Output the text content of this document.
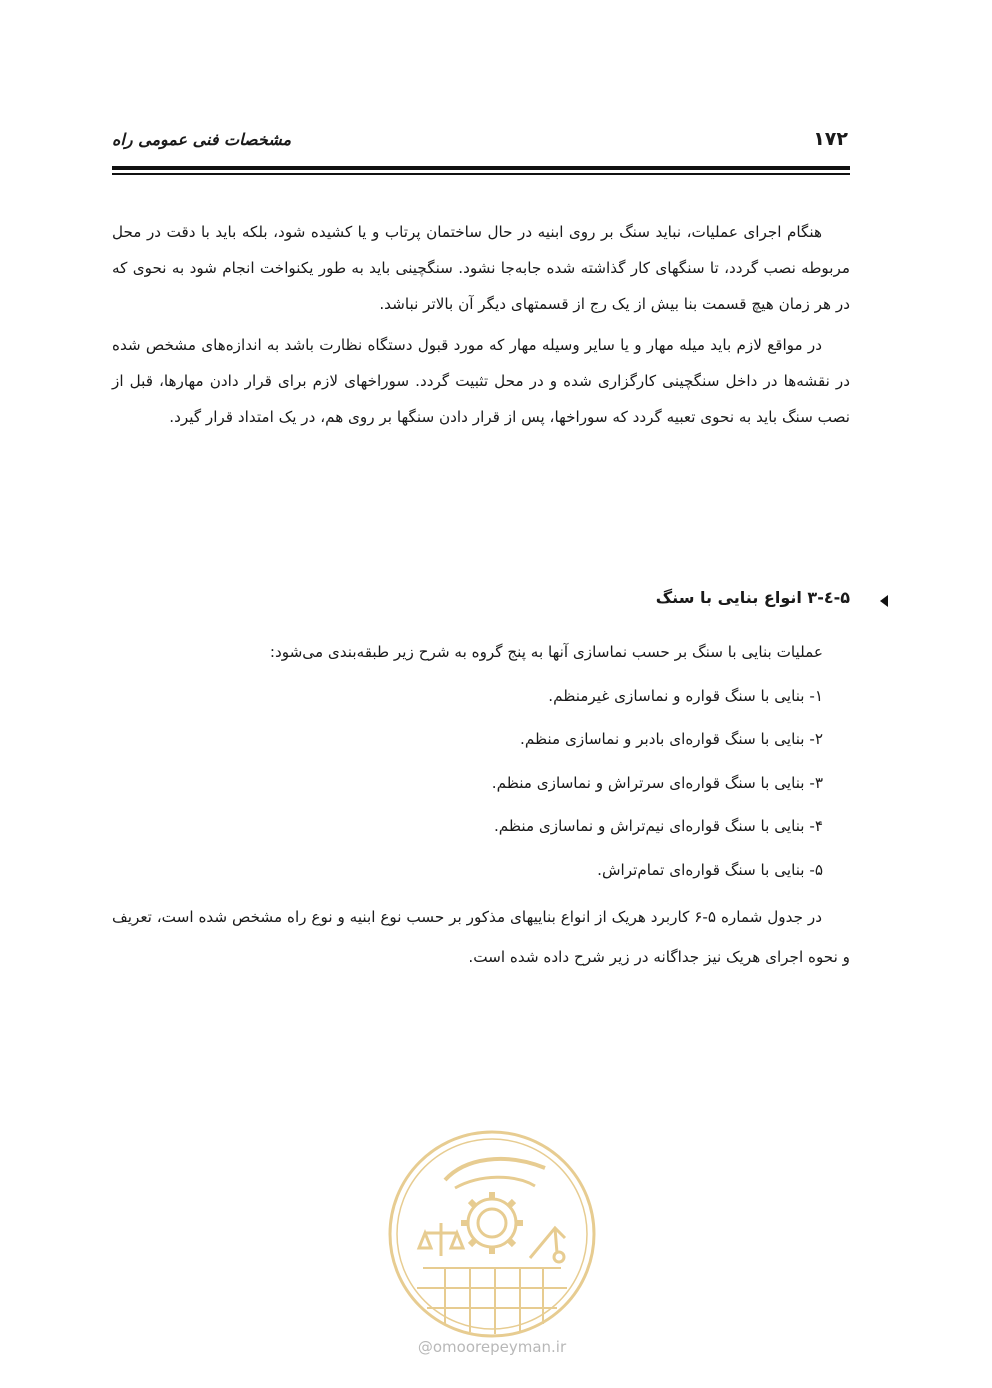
۱۷۲
مشخصات فنی عمومی راه

هنگام اجرای عملیات، نباید سنگ بر روی ابنیه در حال ساختمان پرتاب و یا کشیده شود، بلکه باید با دقت در محل مربوطه نصب گردد، تا سنگهای کار گذاشته شده جابه‌جا نشود. سنگچینی باید به طور یکنواخت انجام شود به نحوی که در هر زمان هیچ قسمت بنا بیش از یک رج از قسمتهای دیگر آن بالاتر نباشد.

در مواقع لازم باید میله مهار و یا سایر وسیله مهار که مورد قبول دستگاه نظارت باشد به اندازه‌های مشخص شده در نقشه‌ها در داخل سنگچینی کارگزاری شده و در محل تثبیت گردد. سوراخهای لازم برای قرار دادن مهارها، قبل از نصب سنگ باید به نحوی تعبیه گردد که سوراخها، پس از قرار دادن سنگها بر روی هم، در یک امتداد قرار گیرد.

۵-٤-۳ انواع بنایی با سنگ

عملیات بنایی با سنگ بر حسب نماسازی آنها به پنج گروه به شرح زیر طبقه‌بندی می‌شود:

۱- بنایی با سنگ قواره و نماسازی غیرمنظم.

۲- بنایی با سنگ قواره‌ای بادبر و نماسازی منظم.

۳- بنایی با سنگ قواره‌ای سرتراش و نماسازی منظم.

۴- بنایی با سنگ قواره‌ای نیم‌تراش و نماسازی منظم.

۵- بنایی با سنگ قواره‌ای تمام‌تراش.

در جدول شماره ۵-۶ کاربرد هریک از انواع بناییهای مذکور بر حسب نوع ابنیه و نوع راه مشخص شده است، تعریف و نحوه اجرای هریک نیز جداگانه در زیر شرح داده شده است.

@omoorepeyman.ir
